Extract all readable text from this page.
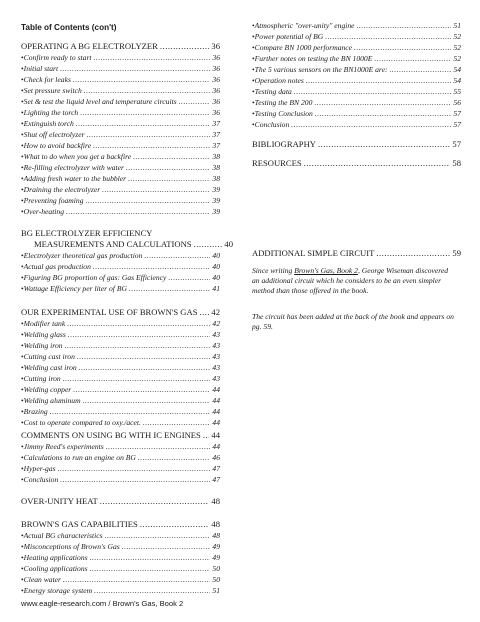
Table of Contents (con't)
OPERATING A BG ELECTROLYZER .....	36
• Confirm ready to start .....	36
• Initial start .....	36
• Check for leaks .....	36
• Set pressure switch .....	36
• Set & test the liquid level and temperature circuits .....	36
• Lighting the torch .....	36
• Extinguish torch .....	37
• Shut off electrolyzer .....	37
• How to avoid backfire .....	37
• What to do when you get a backfire .....	38
• Re-filling electrolyzer with water .....	38
• Adding fresh water to the bubbler .....	38
• Draining the electrolyzer .....	39
• Preventing foaming .....	39
• Over-heating .....	39
BG ELECTROLYZER EFFICIENCY
MEASUREMENTS AND CALCULATIONS .....	40
• Electrolyzer theoretical gas production .....	40
• Actual gas production .....	40
• Figuring BG proportion of gas: Gas Efficiency .....	40
• Wattage Efficiency per liter of BG .....	41
OUR EXPERIMENTAL USE OF BROWN'S GAS ..... 42
• Modifier tank .....	42
• Welding glass .....	43
• Welding iron .....	43
• Cutting cast iron .....	43
• Welding cast iron .....	43
• Cutting iron .....	43
• Welding copper .....	44
• Welding aluminum .....	44
• Brazing .....	44
• Cost to operate compared to oxy./acet. .....	44
COMMENTS ON USING BG WITH IC ENGINES ..... 44
• Jimmy Reed's experiments .....	44
• Calculations to run an engine on BG .....	46
• Hyper-gas .....	47
• Conclusion .....	47
OVER-UNITY HEAT .....	48
BROWN'S GAS CAPABILITIES .....	48
• Actual BG characteristics .....	48
• Misconceptions of Brown's Gas .....	49
• Heating applications .....	49
• Cooling applications .....	50
• Clean water .....	50
• Energy storage system .....	51
• Atmospheric "over-unity" engine .....	51
• Power potential of BG .....	52
• Compare BN 1000 performance .....	52
• Further notes on testing the BN 1000E .....	52
• The 5 various sensors on the BN1000E are: .....	54
• Operation notes .....	54
• Testing data .....	55
• Testing the BN 200 .....	56
• Testing Conclusion .....	57
• Conclusion .....	57
BIBLIOGRAPHY .....	57
RESOURCES .....	58
ADDITIONAL SIMPLE CIRCUIT .....	59
Since writing Brown's Gas, Book 2, George Wiseman discovered an additional circuit which he considers to be an even simpler method than those offered in the book.
The circuit has been added at the back of the book and appears on pg. 59.
www.eagle-research.com / Brown's Gas, Book 2
